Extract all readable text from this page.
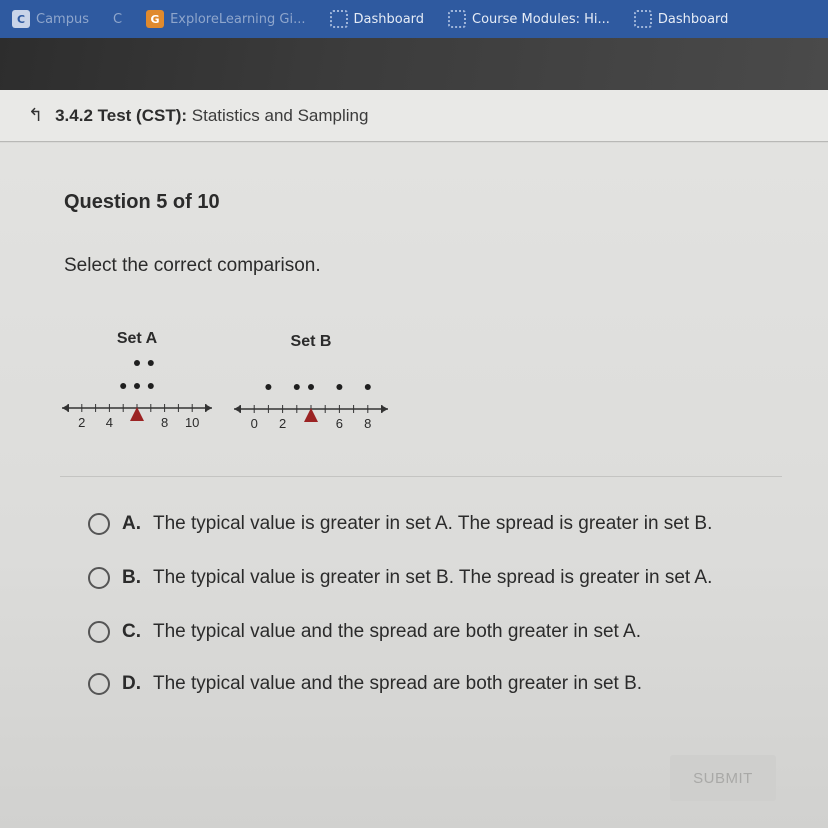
C Campus C	G ExploreLearning Gi...	Dashboard	Course Modules: Hi...	Dashboard
↰ 3.4.2 Test (CST): Statistics and Sampling
Question 5 of 10
Select the correct comparison.
Set A
2 4	8 10
Set B
0 2	6 8
A. The typical value is greater in set A. The spread is greater in set B.
B. The typical value is greater in set B. The spread is greater in set A.
C. The typical value and the spread are both greater in set A.
D. The typical value and the spread are both greater in set B.
SUBMIT
